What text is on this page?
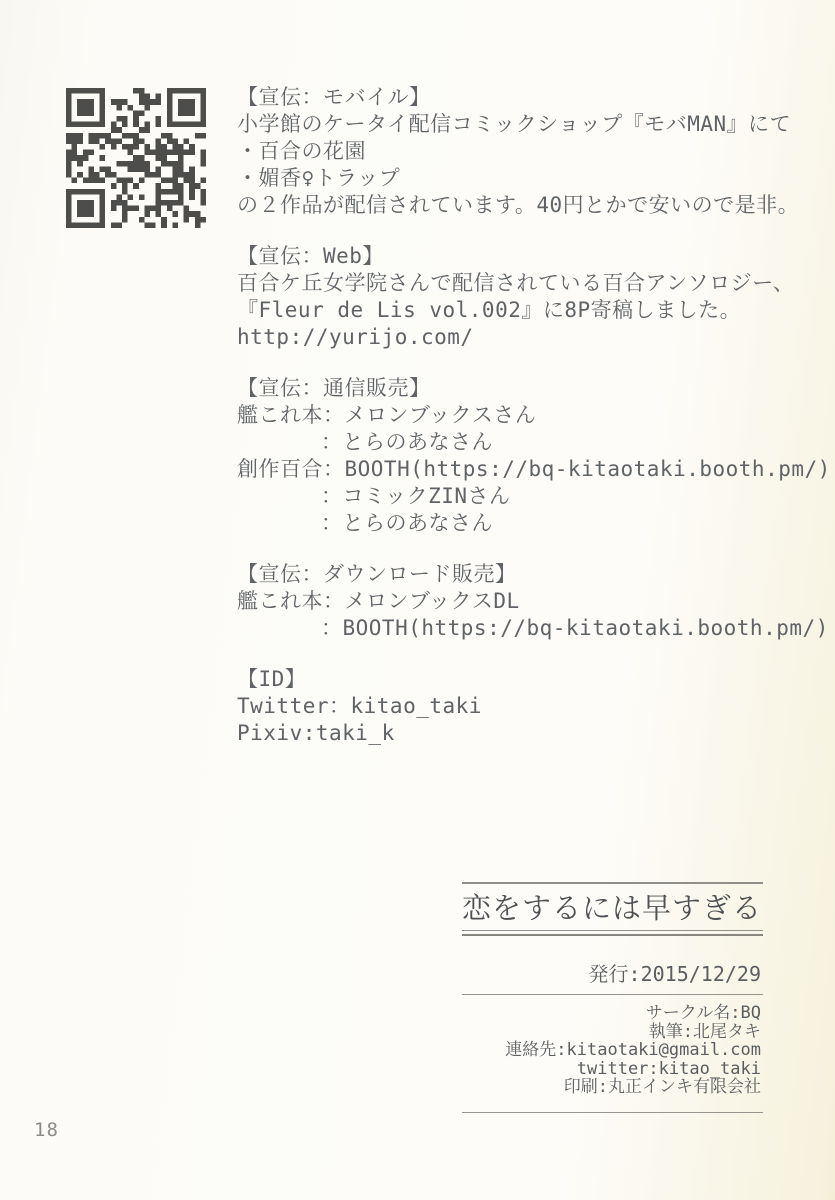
【宣伝：モバイル】
小学館のケータイ配信コミックショップ『モバMAN』にて
・百合の花園
・媚香♀トラップ
の２作品が配信されています。40円とかで安いので是非。
【宣伝：Web】
百合ケ丘女学院さんで配信されている百合アンソロジー、
『Fleur de Lis vol.002』に8P寄稿しました。
http://yurijo.com/
【宣伝：通信販売】
艦これ本：メロンブックスさん
：とらのあなさん
創作百合：BOOTH(https://bq-kitaotaki.booth.pm/)
：コミックZINさん
：とらのあなさん
【宣伝：ダウンロード販売】
艦これ本：メロンブックスDL
：BOOTH(https://bq-kitaotaki.booth.pm/)
【ID】
Twitter：kitao_taki
Pixiv:taki_k
恋をするには早すぎる
発行:2015/12/29
サークル名:BQ
執筆:北尾タキ
連絡先:kitaotaki@gmail.com
twitter:kitao_taki
印刷:丸正インキ有限会社
18
